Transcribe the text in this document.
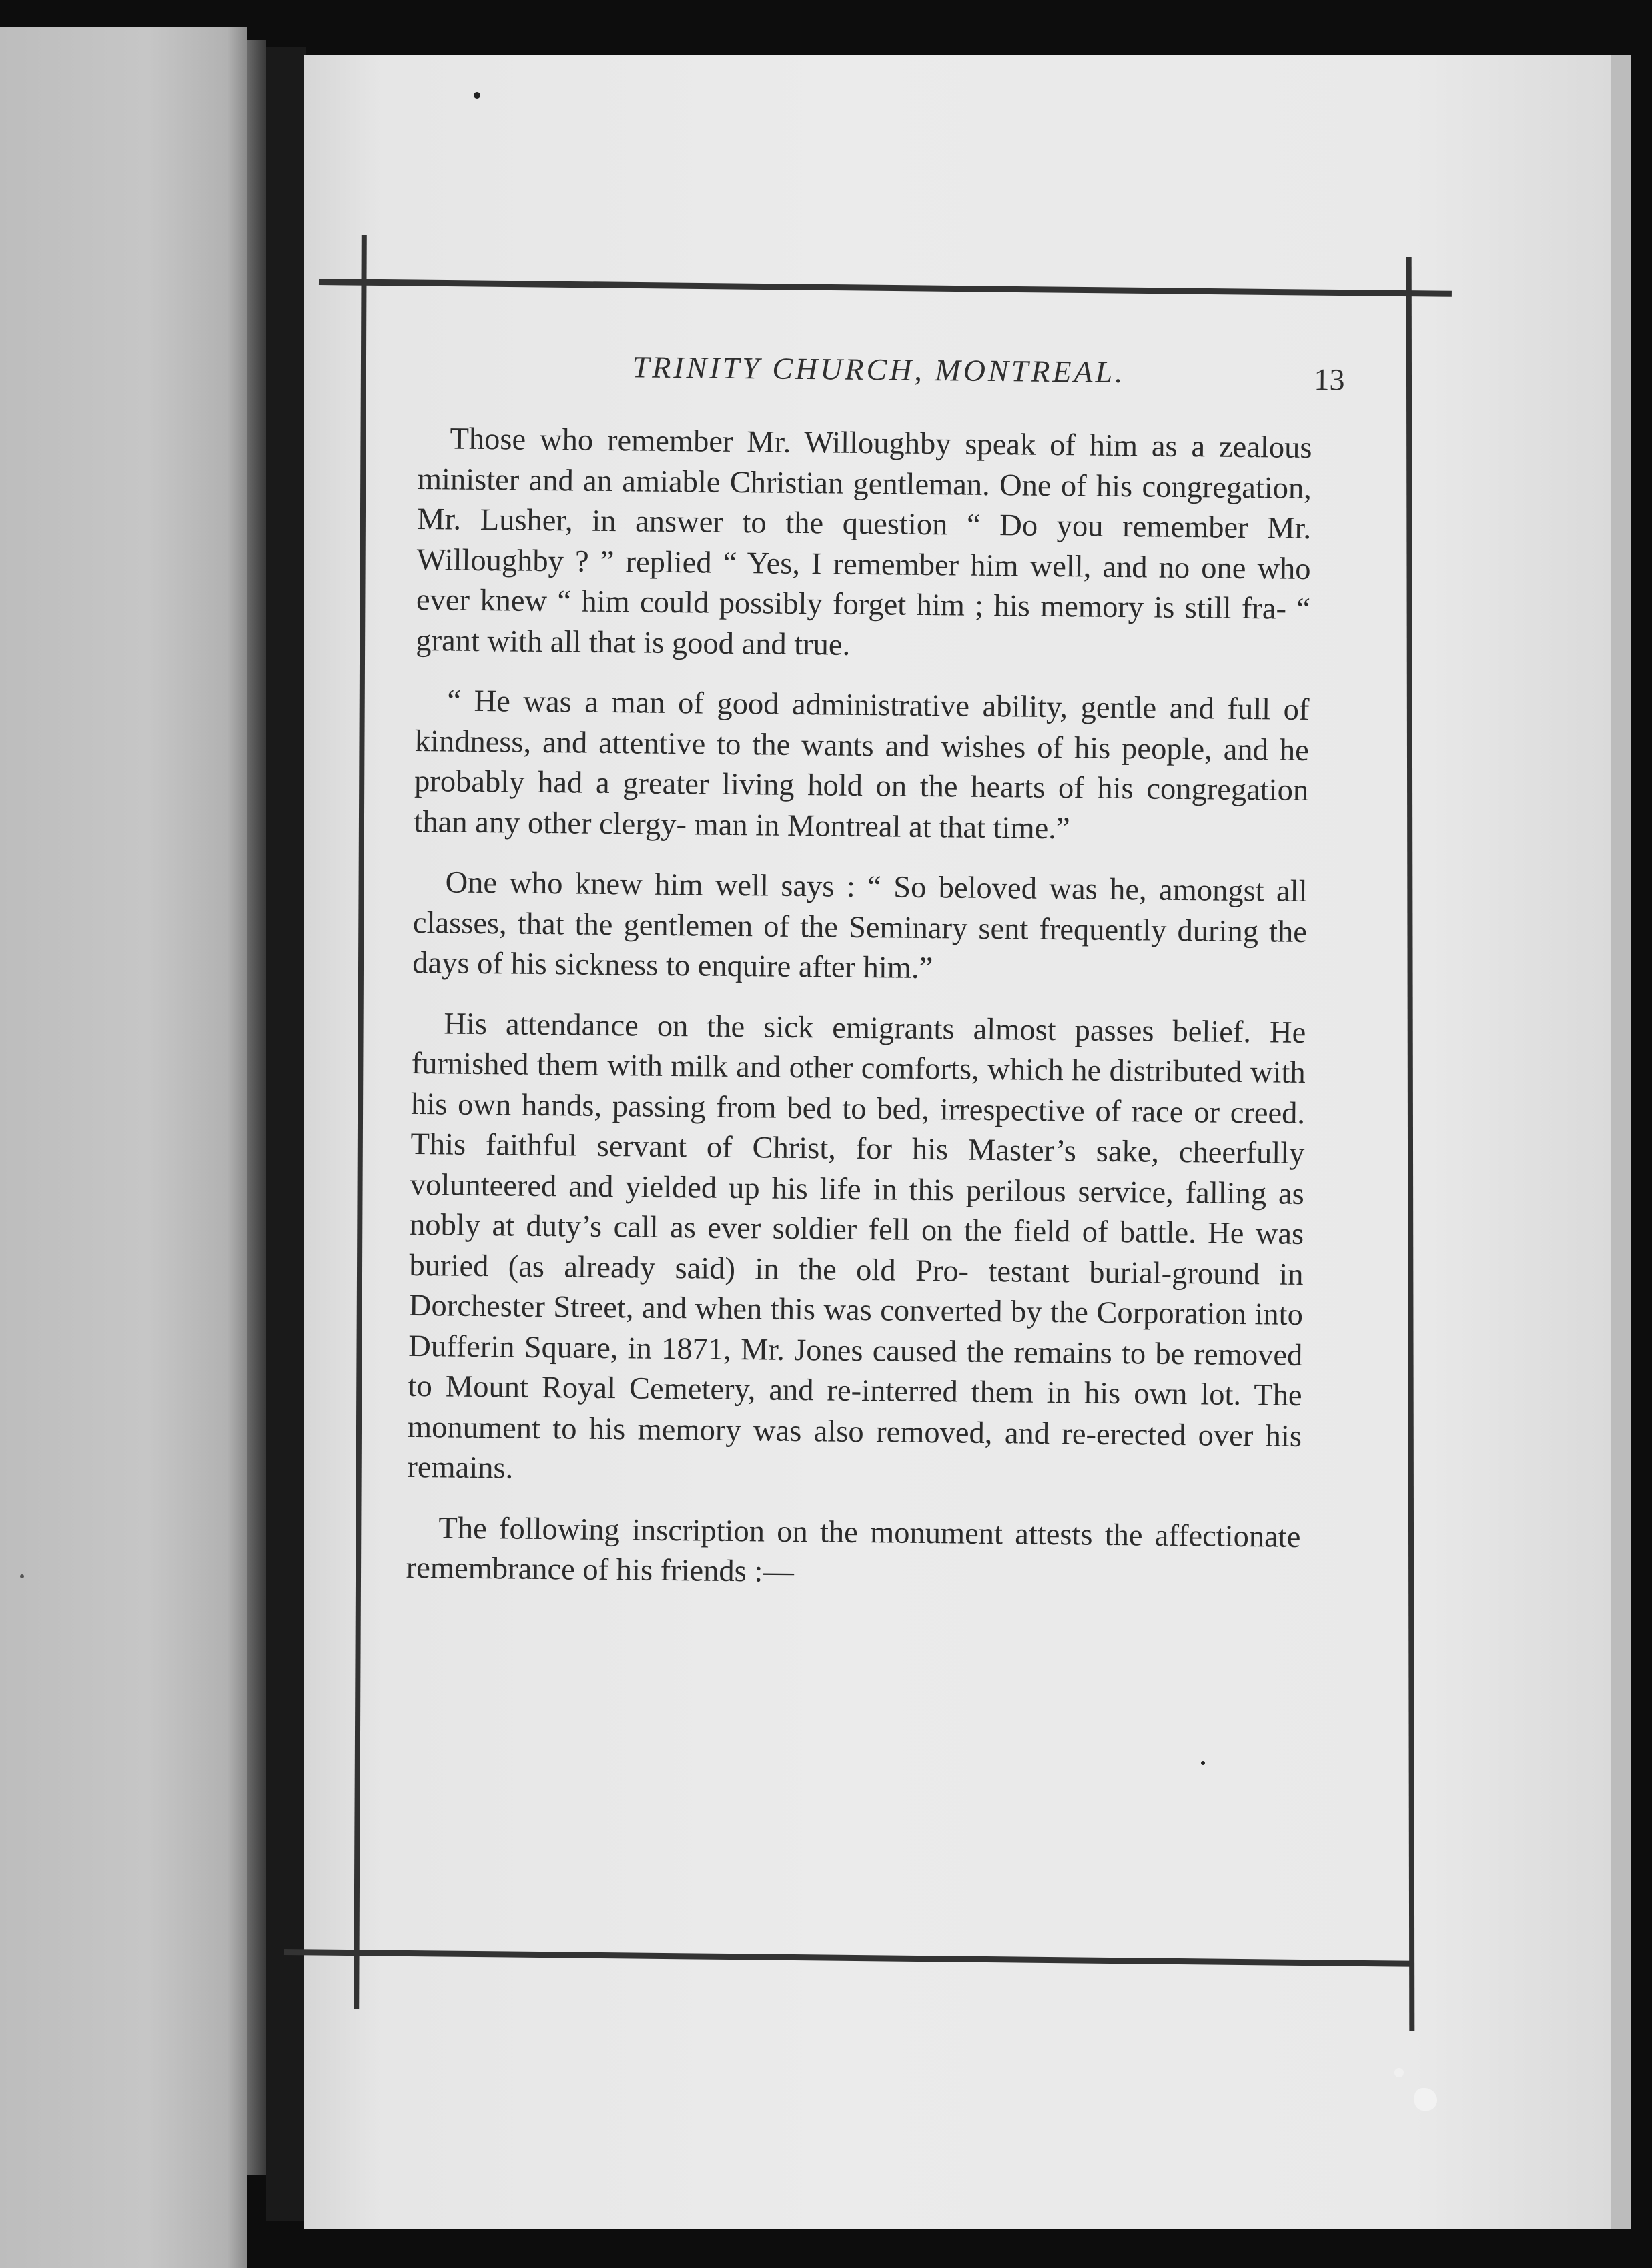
TRINITY CHURCH, MONTREAL.	13

Those who remember Mr. Willoughby speak of him as a zealous minister and an amiable Christian gentleman. One of his congregation, Mr. Lusher, in answer to the question “ Do you remember Mr. Willoughby ? ” replied “ Yes, I remember him well, and no one who ever knew “ him could possibly forget him ; his memory is still fra- “ grant with all that is good and true.

“ He was a man of good administrative ability, gentle and full of kindness, and attentive to the wants and wishes of his people, and he probably had a greater living hold on the hearts of his congregation than any other clergy- man in Montreal at that time.”

One who knew him well says : “ So beloved was he, amongst all classes, that the gentlemen of the Seminary sent frequently during the days of his sickness to enquire after him.”

His attendance on the sick emigrants almost passes belief. He furnished them with milk and other comforts, which he distributed with his own hands, passing from bed to bed, irrespective of race or creed. This faithful servant of Christ, for his Master’s sake, cheerfully volunteered and yielded up his life in this perilous service, falling as nobly at duty’s call as ever soldier fell on the field of battle. He was buried (as already said) in the old Pro- testant burial-ground in Dorchester Street, and when this was converted by the Corporation into Dufferin Square, in 1871, Mr. Jones caused the remains to be removed to Mount Royal Cemetery, and re-interred them in his own lot. The monument to his memory was also removed, and re-erected over his remains.

The following inscription on the monument attests the affectionate remembrance of his friends :—
